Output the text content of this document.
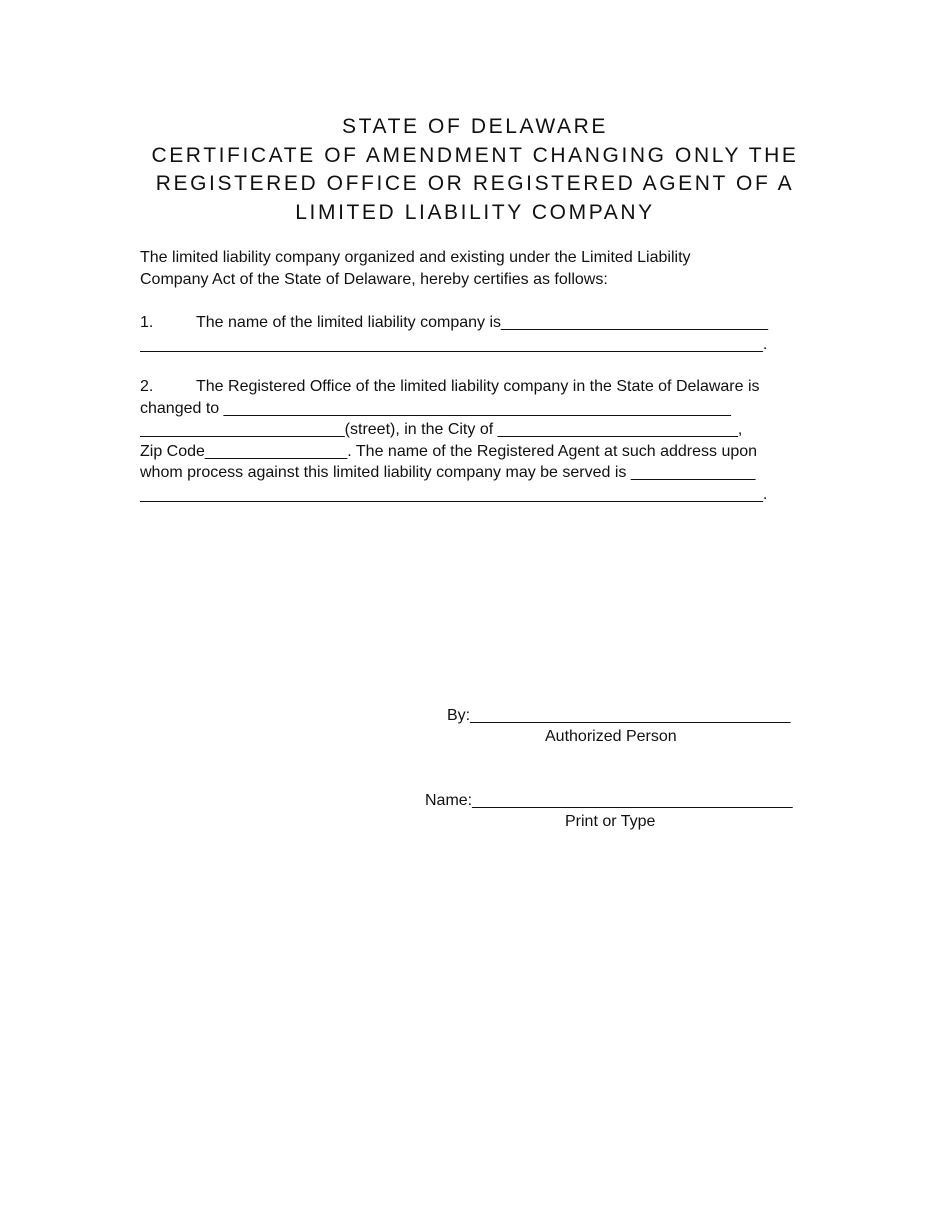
STATE OF DELAWARE
CERTIFICATE OF AMENDMENT CHANGING ONLY THE
REGISTERED OFFICE OR REGISTERED AGENT OF A
LIMITED LIABILITY COMPANY
The limited liability company organized and existing under the Limited Liability
Company Act of the State of Delaware, hereby certifies as follows:
1.	The name of the limited liability company is______________________________
______________________________________________________________________.
2.	The Registered Office of the limited liability company in the State of Delaware is
changed to _________________________________________________________
_______________________(street), in the City of ___________________________,
Zip Code________________. The name of the Registered Agent at such address upon
whom process against this limited liability company may be served is ______________
______________________________________________________________________.
By:____________________________________
Authorized Person
Name:____________________________________
Print or Type
